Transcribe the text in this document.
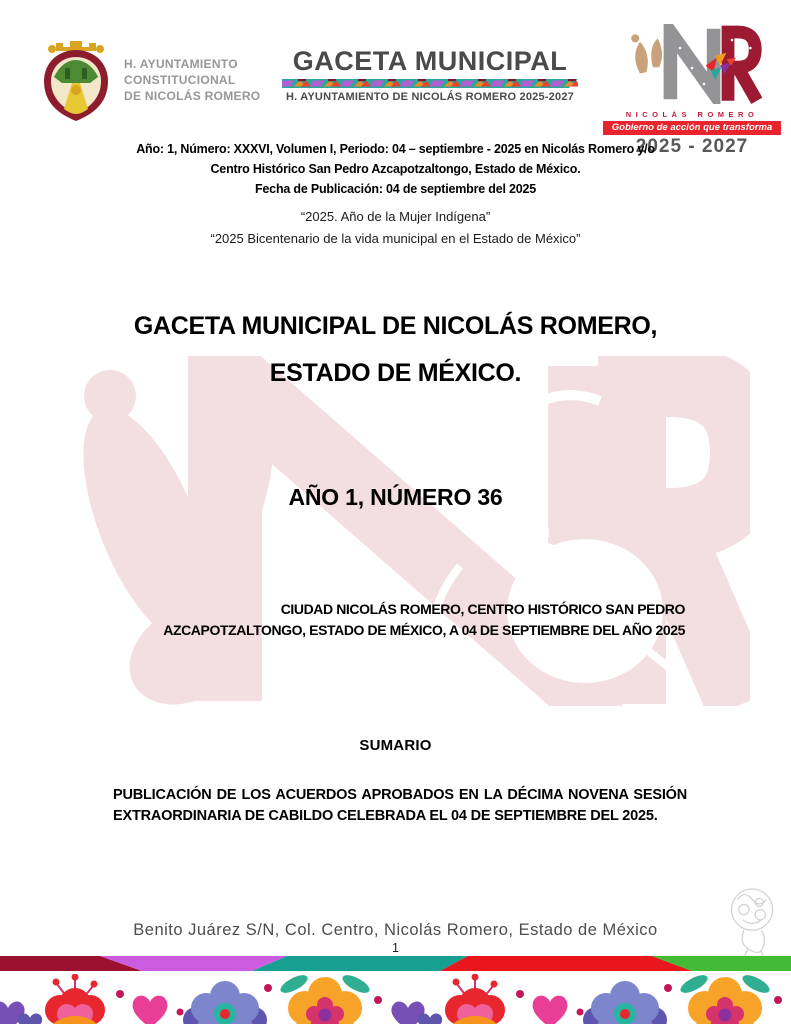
H. AYUNTAMIENTO
CONSTITUCIONAL
DE NICOLÁS ROMERO
GACETA MUNICIPAL
H. AYUNTAMIENTO DE NICOLÁS ROMERO 2025-2027
NICOLÁS ROMERO
Gobierno de acción que transforma
2025 - 2027
Año: 1, Número: XXXVI, Volumen I, Periodo: 04 – septiembre - 2025 en Nicolás Romero y/o
Centro Histórico San Pedro Azcapotzaltongo, Estado de México.
Fecha de Publicación: 04 de septiembre del 2025
“2025. Año de la Mujer Indígena”
“2025 Bicentenario de la vida municipal en el Estado de México”
GACETA MUNICIPAL DE NICOLÁS ROMERO,
ESTADO DE MÉXICO.
AÑO 1, NÚMERO 36
CIUDAD NICOLÁS ROMERO, CENTRO HISTÓRICO SAN PEDRO
AZCAPOTZALTONGO, ESTADO DE MÉXICO, A 04 DE SEPTIEMBRE DEL AÑO 2025
SUMARIO
PUBLICACIÓN DE LOS ACUERDOS APROBADOS EN LA DÉCIMA NOVENA SESIÓN EXTRAORDINARIA DE CABILDO CELEBRADA EL 04 DE SEPTIEMBRE DEL 2025.
Benito Juárez S/N, Col. Centro, Nicolás Romero, Estado de México
1
